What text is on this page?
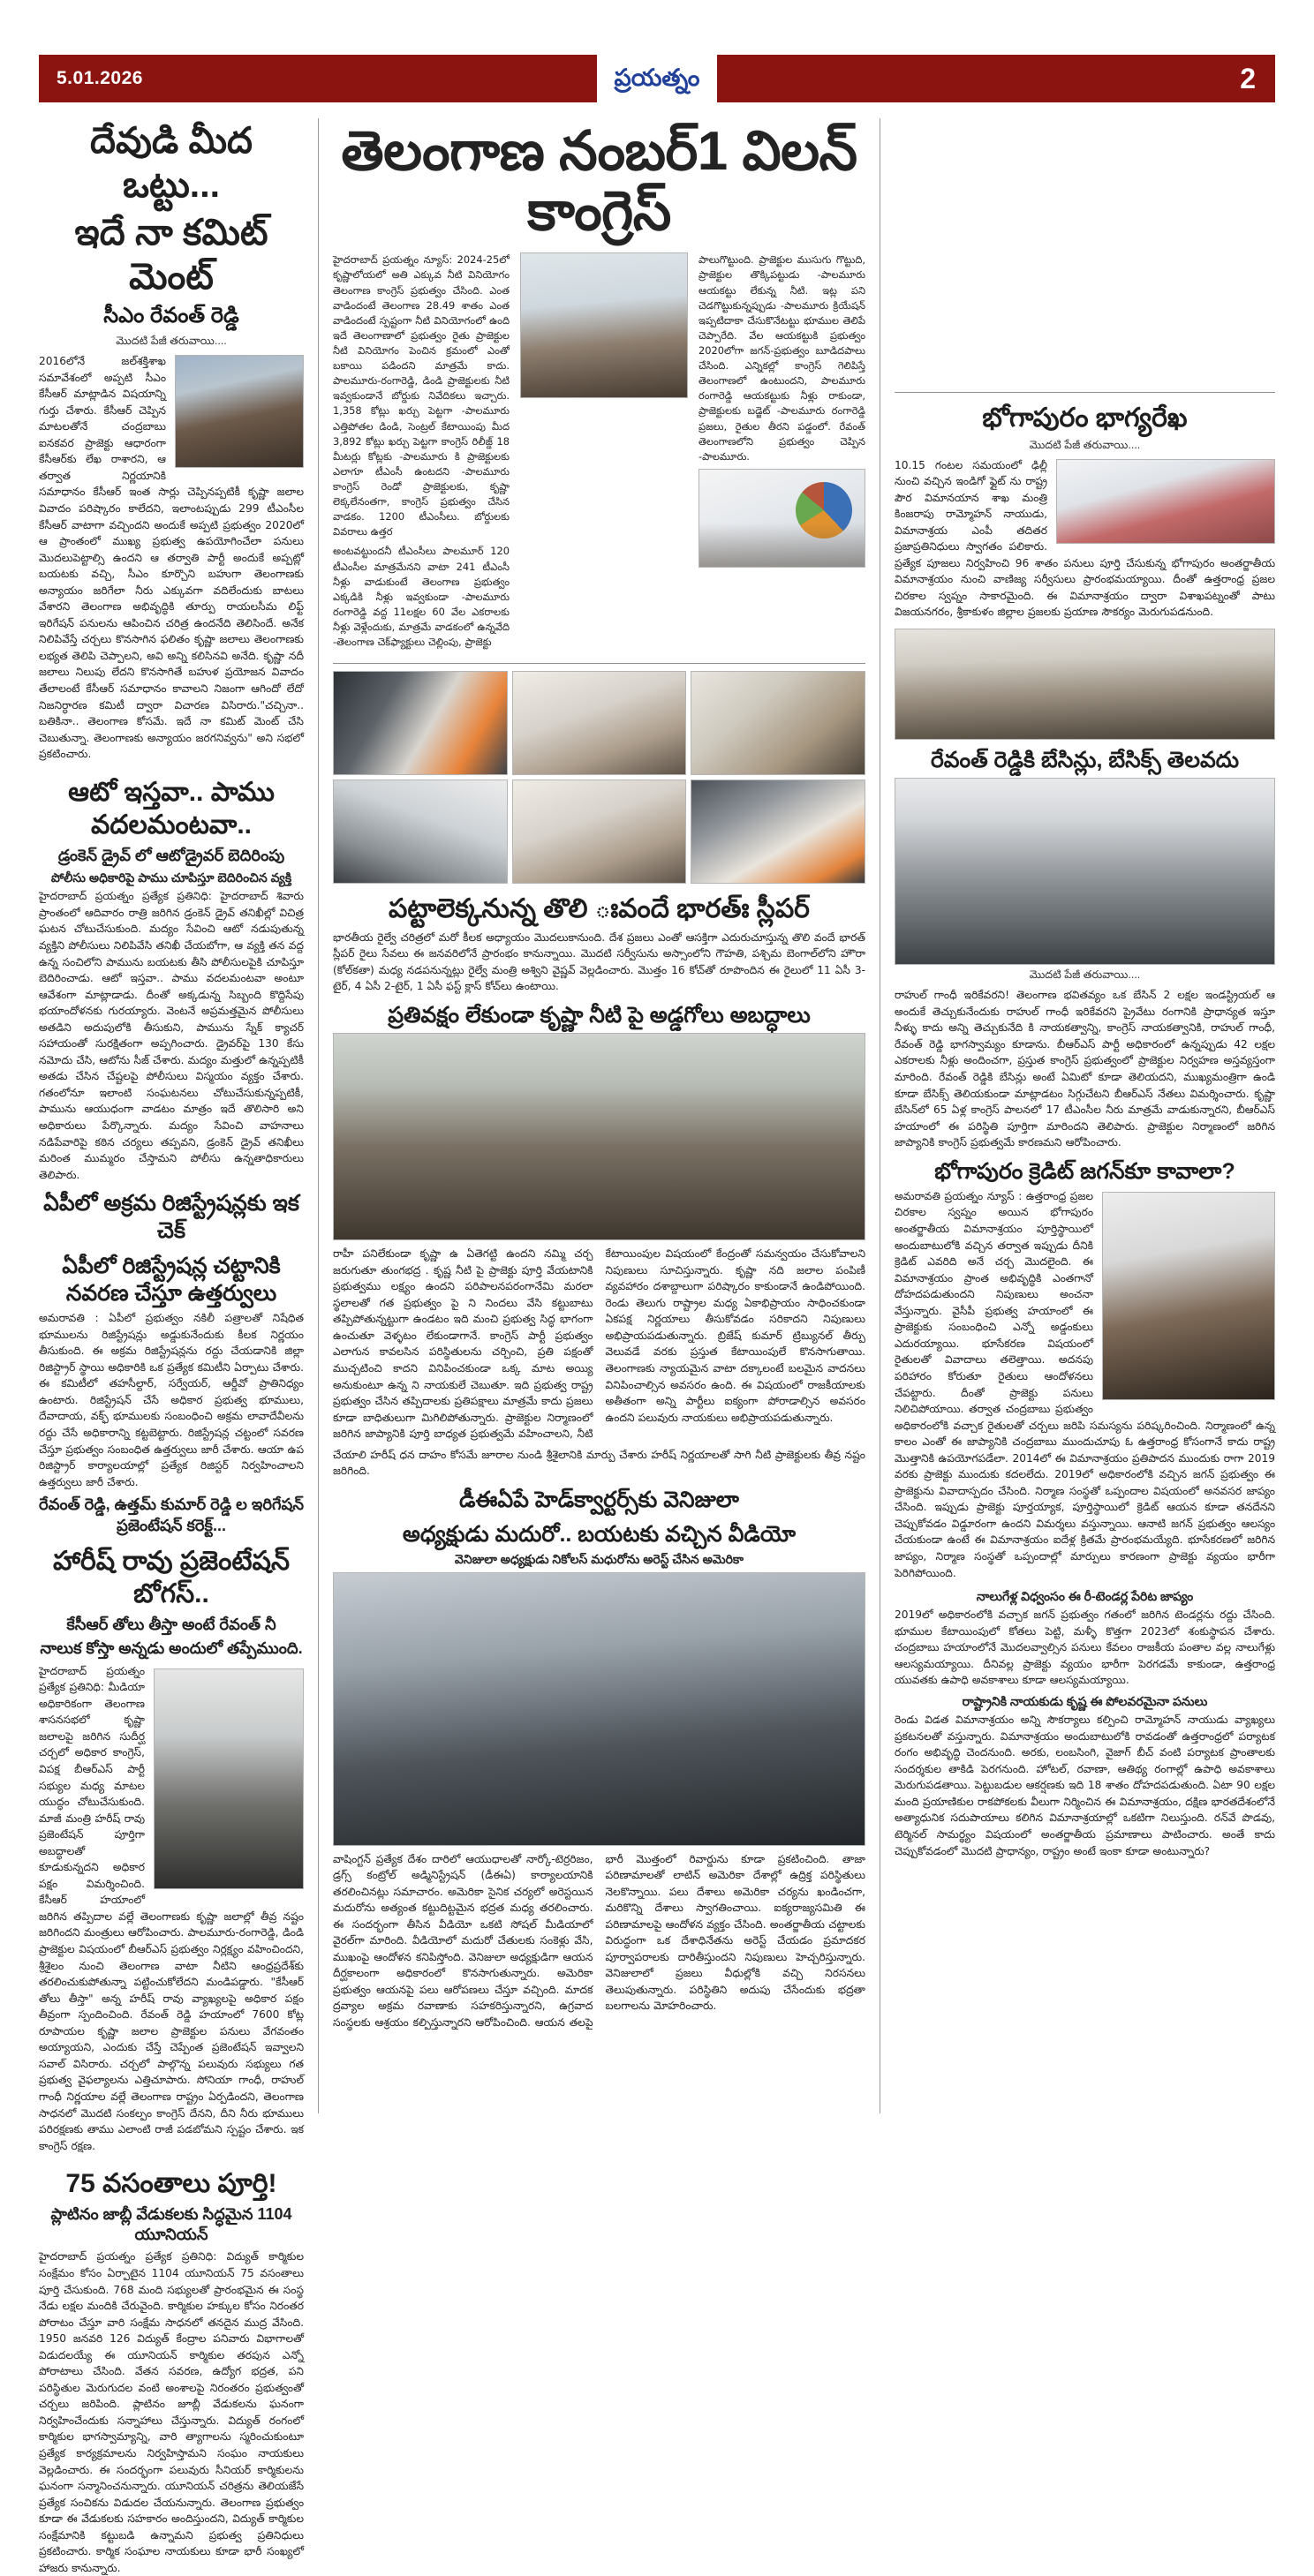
5.01.2026	ప్రయత్నం	2
దేవుడి మీద ఒట్టు...
ఇదే నా కమిట్ మెంట్
సీఎం రేవంత్ రెడ్డి
మొదటి పేజీ తరువాయి....
2016లోనే జల్‌శక్తిశాఖ సమావేశంలో అప్పటి సీఎం కేసీఆర్ మాట్లాడిన విషయాన్ని గుర్తు చేశారు. కేసీఆర్ చెప్పిన మాటలతోనే చంద్రబాబు ఐనకవర ప్రాజెక్టు ఆధారంగా కేసీఆర్‌కు లేఖ రాశారని, ఆ తర్వాత నిర్ణయానికి సమాధానం కేసీఆర్ ఇంత సార్లు చెప్పినప్పటికీ కృష్ణా జలాల వివాదం పరిష్కారం కాలేదని, ఇలాంటప్పుడు 299 టీఎంసీల కేసీఆర్ వాటాగా వచ్చిందని అందుకే అప్పటి ప్రభుత్వం 2020లో ఆ ప్రాంతంలో ముఖ్య ప్రభుత్వ ఉపయోగించేలా పనులు మొదలుపెట్టాల్సి ఉందని ఆ తర్వాతి పార్టీ అందుకే అప్పట్లో బయటకు వచ్చి, సీఎం కూర్చొని బహుగా తెలంగాణకు అన్యాయం జరిగేలా నీరు ఎక్కువగా వదిలేందుకు బాటలు వేశారని తెలంగాణ అభివృద్ధికి తూర్పు రాయలసీమ లిఫ్ట్ ఇరిగేషన్ పనులను ఆపించిన చరిత్ర ఉందనేది తెలిసిందే. అనేక నిలిపివేస్తే చర్చలు కొనసాగిన ఫలితం కృష్ణా జలాలు తెలంగాణకు లభ్యత తెలిపి చెప్పాలని, అవి అన్ని కలిసినవి అనేది. కృష్ణా నదీ జలాలు నిలుపు లేదని కొనసాగితే బహుళ ప్రయోజన వివాదం తేలాలంటే కేసీఆర్ సమాధానం కావాలని నిజంగా ఆగిందో లేదో నిజనిర్ధారణ కమిటీ ద్వారా విచారణ విసిరారు."చచ్చినా.. బతికినా.. తెలంగాణ కోసమే. ఇదే నా కమిట్ మెంట్ చేసి చెబుతున్నా. తెలంగాణకు అన్యాయం జరగనివ్వను" అని సభలో ప్రకటించారు.
ఆటో ఇస్తవా.. పాము వదలమంటవా..
డ్రంకెన్ డ్రైవ్ లో ఆటోడ్రైవర్ బెదిరింపు
పోలీసు అధికారిపై పాము చూపిస్తూ బెదిరించిన వ్యక్తి
హైదరాబాద్ ప్రయత్నం ప్రత్యేక ప్రతినిధి: హైదరాబాద్ శివారు ప్రాంతంలో ఆదివారం రాత్రి జరిగిన డ్రంకెన్ డ్రైవ్ తనిఖీల్లో విచిత్ర ఘటన చోటుచేసుకుంది. మద్యం సేవించి ఆటో నడుపుతున్న వ్యక్తిని పోలీసులు నిలిపివేసి తనిఖీ చేయబోగా, ఆ వ్యక్తి తన వద్ద ఉన్న సంచిలోని పామును బయటకు తీసి పోలీసులపైకి చూపిస్తూ బెదిరించాడు. ఆటో ఇస్తవా.. పాము వదలమంటవా అంటూ ఆవేశంగా మాట్లాడాడు. దీంతో అక్కడున్న సిబ్బంది కొద్దిసేపు భయాందోళనకు గురయ్యారు. వెంటనే అప్రమత్తమైన పోలీసులు అతడిని అదుపులోకి తీసుకుని, పామును స్నేక్ క్యాచర్ సహాయంతో సురక్షితంగా అప్పగించారు. డ్రైవర్‌పై 130 కేసు నమోదు చేసి, ఆటోను సీజ్ చేశారు. మద్యం మత్తులో ఉన్నప్పటికీ అతడు చేసిన చేష్టలపై పోలీసులు విస్మయం వ్యక్తం చేశారు. గతంలోనూ ఇలాంటి సంఘటనలు చోటుచేసుకున్నప్పటికీ, పామును ఆయుధంగా వాడటం మాత్రం ఇదే తొలిసారి అని అధికారులు పేర్కొన్నారు. మద్యం సేవించి వాహనాలు నడిపేవారిపై కఠిన చర్యలు తప్పవని, డ్రంకెన్ డ్రైవ్ తనిఖీలు మరింత ముమ్మరం చేస్తామని పోలీసు ఉన్నతాధికారులు తెలిపారు.
ఏపీలో అక్రమ రిజిస్ట్రేషన్లకు ఇక చెక్
ఏపీలో రిజిస్ట్రేషన్ల చట్టానికి నవరణ చేస్తూ ఉత్తర్వులు
అమరావతి : ఏపీలో ప్రభుత్వం నకిలీ పత్రాలతో నిషేధిత భూములను రిజిస్ట్రేషన్లు అడ్డుకునేందుకు కీలక నిర్ణయం తీసుకుంది. ఈ అక్రమ రిజిస్ట్రేషన్లను రద్దు చేయడానికి జిల్లా రిజిస్ట్రార్ స్థాయి అధికారికి ఒక ప్రత్యేక కమిటీని ఏర్పాటు చేశారు. ఈ కమిటీలో తహసీల్దార్, సర్వేయర్, ఆర్డీవో ప్రాతినిధ్యం ఉంటారు. రిజిస్ట్రేషన్ చేసే అధికార ప్రభుత్వ భూములు, దేవాదాయ, వక్ఫ్ భూములకు సంబంధించి అక్రమ లావాదేవీలను రద్దు చేసే అధికారాన్ని కట్టబెట్టారు. రిజిస్ట్రేషన్ల చట్టంలో సవరణ చేస్తూ ప్రభుత్వం సంబంధిత ఉత్తర్వులు జారీ చేశారు. ఆయా ఉప రిజిస్ట్రార్ కార్యాలయాల్లో ప్రత్యేక రిజిస్టర్ నిర్వహించాలని ఉత్తర్వులు జారీ చేశారు.
రేవంత్ రెడ్డి, ఉత్తమ్ కుమార్ రెడ్డి ల ఇరిగేషన్ ప్రజెంటేషన్ కరెక్ట్...
హారీష్ రావు ప్రజెంటేషన్ బోగస్..
కేసీఆర్ తోలు తీస్తా అంటే రేవంత్ నీ
నాలుక కోస్తా అన్నడు అందులో తప్పేముంది.
హైదరాబాద్ ప్రయత్నం ప్రత్యేక ప్రతినిధి: మీడియా అధికారికంగా తెలంగాణ శాసనసభలో కృష్ణా జలాలపై జరిగిన సుదీర్ఘ చర్చలో అధికార కాంగ్రెస్, విపక్ష బీఆర్ఎస్ పార్టీ సభ్యుల మధ్య మాటల యుద్ధం చోటుచేసుకుంది. మాజీ మంత్రి హరీష్ రావు ప్రజెంటేషన్ పూర్తిగా అబద్ధాలతో కూడుకున్నదని అధికార పక్షం విమర్శించింది. కేసీఆర్ హయాంలో జరిగిన తప్పిదాల వల్లే తెలంగాణకు కృష్ణా జలాల్లో తీవ్ర నష్టం జరిగిందని మంత్రులు ఆరోపించారు. పాలమూరు-రంగారెడ్డి, డిండి ప్రాజెక్టుల విషయంలో బీఆర్ఎస్ ప్రభుత్వం నిర్లక్ష్యం వహించిందని, శ్రీశైలం నుంచి తెలంగాణ వాటా నీటిని ఆంధ్రప్రదేశ్‌కు తరలించుకుపోతున్నా పట్టించుకోలేదని మండిపడ్డారు. "కేసీఆర్ తోలు తీస్తా" అన్న హరీష్ రావు వ్యాఖ్యలపై అధికార పక్షం తీవ్రంగా స్పందించింది. రేవంత్ రెడ్డి హయాంలో 7600 కోట్ల రూపాయల కృష్ణా జలాల ప్రాజెక్టుల పనులు వేగవంతం అయ్యాయని, ఎందుకు చేస్తే చెప్పేంత ప్రజెంటేషన్ ఇవ్వాలని సవాల్ విసిరారు. చర్చలో పాల్గొన్న పలువురు సభ్యులు గత ప్రభుత్వ వైఫల్యాలను ఎత్తిచూపారు. సోనియా గాంధీ, రాహుల్ గాంధీ నిర్ణయాల వల్లే తెలంగాణ రాష్ట్రం ఏర్పడిందని, తెలంగాణ సాధనలో మొదటి సంకల్పం కాంగ్రెస్ దేనని, దీని నీరు భూములు పరిరక్షణకు తాము ఎలాంటి రాజీ పడబోమని స్పష్టం చేశారు. ఇక కాంగ్రెస్ రక్షణ.
75 వసంతాలు పూర్తి!
ప్లాటినం జాబ్లీ వేడుకలకు సిద్ధమైన 1104 యూనియన్
హైదరాబాద్ ప్రయత్నం ప్రత్యేక ప్రతినిధి: విద్యుత్ కార్మికుల సంక్షేమం కోసం ఏర్పాటైన 1104 యూనియన్ 75 వసంతాలు పూర్తి చేసుకుంది. 768 మంది సభ్యులతో ప్రారంభమైన ఈ సంస్థ నేడు లక్షల మందికి చేరువైంది. కార్మికుల హక్కుల కోసం నిరంతర పోరాటం చేస్తూ వారి సంక్షేమ సాధనలో తనదైన ముద్ర వేసింది. 1950 జనవరి 126 విద్యుత్ కేంద్రాల పనివారు విభాగాలతో విడుదలయ్యే ఈ యూనియన్ కార్మికుల తరపున ఎన్నో పోరాటాలు చేసింది. వేతన సవరణ, ఉద్యోగ భద్రత, పని పరిస్థితుల మెరుగుదల వంటి అంశాలపై నిరంతరం ప్రభుత్వంతో చర్చలు జరిపింది. ప్లాటినం జూబ్లీ వేడుకలను ఘనంగా నిర్వహించేందుకు సన్నాహాలు చేస్తున్నారు. విద్యుత్ రంగంలో కార్మికుల భాగస్వామ్యాన్ని, వారి త్యాగాలను స్మరించుకుంటూ ప్రత్యేక కార్యక్రమాలను నిర్వహిస్తామని సంఘం నాయకులు వెల్లడించారు. ఈ సందర్భంగా పలువురు సీనియర్ కార్మికులను ఘనంగా సన్మానించనున్నారు. యూనియన్ చరిత్రను తెలియజేసే ప్రత్యేక సంచికను విడుదల చేయనున్నారు. తెలంగాణ ప్రభుత్వం కూడా ఈ వేడుకలకు సహకారం అందిస్తుందని, విద్యుత్ కార్మికుల సంక్షేమానికి కట్టుబడి ఉన్నామని ప్రభుత్వ ప్రతినిధులు ప్రకటించారు. కార్మిక సంఘాల నాయకులు కూడా భారీ సంఖ్యలో హాజరు కానున్నారు.
తెలంగాణ నంబర్1 విలన్ కాంగ్రెస్
హైదరాబాద్ ప్రయత్నం న్యూస్: 2024-25లో కృష్ణాలోయలో అతి ఎక్కువ నీటి వినియోగం తెలంగాణ కాంగ్రెస్ ప్రభుత్వం చేసింది. ఎంత వాడిందంటే తెలంగాణ 28.49 శాతం ఎంత వాడిందంటే స్పష్టంగా నీటి వినియోగంలో ఉంది ఇదే తెలంగాణాలో ప్రభుత్వం రైతు ప్రాజెక్టుల నీటి వినియోగం పెంచిన క్రమంలో ఎంతో బకాయి పడిందని మాత్రమే కాదు. పాలమూరు-రంగారెడ్డి, డిండి ప్రాజెక్టులకు నీటి ఇవ్వకుండానే బోర్డుకు నివేదికలు ఇచ్చారు. 1,358 కోట్లు ఖర్చు పెట్టగా -పాలమూరు ఎత్తిపోతల డిండి, సెంట్రల్ కేటాయింపు మీద 3,892 కోట్లు ఖర్చు పెట్టగా కాంగ్రెస్ రిలీజ్డ్ 18 మీటర్లు కోట్లకు -పాలమూరు కి ప్రాజెక్టులకు ఎలాగూ టీఎంసీ ఉంటదని -పాలమూరు కాంగ్రెస్ రెండో ప్రాజెక్టులకు, కృష్ణా లెక్కలేనంతగా, కాంగ్రెస్ ప్రభుత్వం చేసిన వాడకం. 1200 టీఎంసీలు. బోర్డులకు వివరాలు ఉత్తర
అంటవట్టుందనీ టీఎంసీలు పాలమూర్ 120 టీఎంసీల మాత్రమేనని వాటా 241 టీఎంసీ నీళ్లు వాడుకుంటే తెలంగాణ ప్రభుత్వం ఎక్కడికి నీళ్లు ఇవ్వకుండా -పాలమూరు రంగారెడ్డి వద్ద 11లక్షల 60 వేల ఎకరాలకు నీళ్లు వెళ్లేందుకు, మాత్రమే వాడకంలో ఉన్నవేది -తెలంగాణ చెక్‌ఫ్యాక్టులు చెల్లింపు, ప్రాజెక్టు
పాలుగొట్టుంది. ప్రాజెక్టుల ముసుగు గొట్టుది, ప్రాజెక్టుల తొక్కిపట్టుడు -పాలమూరు ఆయకట్టు లేకున్న నీటి. ఇట్ల పని చెడగొట్టుకున్నప్పుడు -పాలమూరు క్రియేషన్ ఇప్పటిదాకా చేసుకొనేటట్టు భూముల తెలిపే చెప్పారేది. వేల ఆయకట్టుకి ప్రభుత్వం 2020లోగా జగన్-ప్రభుత్వం బూడిదపాలు చేసింది. ఎన్నికల్లో కాంగ్రెస్ గెలిపిస్తే తెలంగాణలో ఉంటుందని, పాలమూరు రంగారెడ్డి ఆయకట్టుకు నీళ్లు రాకుండా, ప్రాజెక్టులకు బడ్జెట్ -పాలమూరు రంగారెడ్డి ప్రజలు, రైతుల తీరని పడ్డంలో. రేవంత్ తెలంగాణలోని ప్రభుత్వం చెప్పిన -పాలమూరు.
పట్టాలెక్కనున్న తొలి ఃవందే భారత్ః స్లీపర్
భారతీయ రైల్వే చరిత్రలో మరో కీలక అధ్యాయం మొదలుకానుంది. దేశ ప్రజలు ఎంతో ఆసక్తిగా ఎదురుచూస్తున్న తొలి వందే భారత్ స్లీపర్ రైలు సేవలు ఈ జనవరిలోనే ప్రారంభం కానున్నాయి. మొదటి సర్వీసును అస్సాంలోని గౌహతి, పశ్చిమ బెంగాల్‌లోని హౌరా (కోల్‌కతా) మధ్య నడపనున్నట్లు రైల్వే మంత్రి అశ్విని వైష్ణవ్ వెల్లడించారు. మొత్తం 16 కోచ్‌తో రూపొందిన ఈ రైలులో 11 ఏసీ 3-టైర్, 4 ఏసీ 2-టైర్, 1 ఏసీ ఫస్ట్ క్లాస్ కోచ్‌లు ఉంటాయి.
ప్రతివక్షం లేకుండా కృష్ణా నీటి పై అడ్డగోలు అబద్ధాలు
రాహీ పనిలేకుండా కృష్ణా ఉ ఏతెగట్టి ఉందని నమ్మి చర్చ జరుగుతూ తుంగభద్ర . కృష్ణ నీటి పై ప్రాజెక్టు పూర్తి వేయటానికి ప్రభుత్వము లక్ష్యం ఉందని పరిపాలనపరంగానేమి మరలా స్థలాలతో గత ప్రభుత్వం పై ని నిందలు వేసి కట్టుబాటు తప్పిపోతున్నట్టుగా ఉండటం ఇది మంచి ప్రభుత్వ సిద్ధ భాగంగా ఉంచుతూ వెళ్ళటం లేకుండాగానే. కాంగ్రెస్ పార్టీ ప్రభుత్వం ఎలాగున కావలసిన పరిస్థితులను చర్చించి, ప్రతి పక్షంతో ముచ్చటించి కాదని వినిపించకుండా ఒక్క మాట అయ్యి అనుకుంటూ ఉన్న ని నాయకులే చెబుతూ. ఇది ప్రభుత్వ రాష్ట్ర ప్రభుత్వం చేసిన తప్పిదాలకు ప్రతిపక్షాలు మాత్రమే కాదు ప్రజలు కూడా బాధితులుగా మిగిలిపోతున్నారు. ప్రాజెక్టుల నిర్మాణంలో జరిగిన జాప్యానికి పూర్తి బాధ్యత ప్రభుత్వమే వహించాలని, నీటి కేటాయింపుల విషయంలో కేంద్రంతో సమన్వయం చేసుకోవాలని నిపుణులు సూచిస్తున్నారు. కృష్ణా నది జలాల పంపిణీ వ్యవహారం దశాబ్దాలుగా పరిష్కారం కాకుండానే ఉండిపోయింది. రెండు తెలుగు రాష్ట్రాల మధ్య ఏకాభిప్రాయం సాధించకుండా ఏకపక్ష నిర్ణయాలు తీసుకోవడం సరికాదని నిపుణులు అభిప్రాయపడుతున్నారు. బ్రిజేష్ కుమార్ ట్రిబ్యునల్ తీర్పు వెలువడే వరకు ప్రస్తుత కేటాయింపులే కొనసాగుతాయి. తెలంగాణకు న్యాయమైన వాటా దక్కాలంటే బలమైన వాదనలు వినిపించాల్సిన అవసరం ఉంది. ఈ విషయంలో రాజకీయాలకు అతీతంగా అన్ని పార్టీలు ఐక్యంగా పోరాడాల్సిన అవసరం ఉందని పలువురు నాయకులు అభిప్రాయపడుతున్నారు.
చేయాలి హరీష్ ధన దాహం కోసమే జూరాల నుండి శ్రీశైలానికి మార్పు చేశారు హరీష్ నిర్ణయాలతో సాగి నీటి ప్రాజెక్టులకు తీవ్ర నష్టం జరిగింది.
డీఈఏపే హెడ్‌క్వార్టర్స్‌కు వెనిజులా
అధ్యక్షుడు మదురో.. బయటకు వచ్చిన వీడియో
వెనిజులా అధ్యక్షుడు నికోలస్ మధురోను అరెస్ట్ చేసిన అమెరికా
వాషింగ్టన్ ప్రత్యేక దేశం దారిలో ఆయుధాలతో నార్కో-టెర్రరిజం, డ్రగ్స్ కంట్రోల్ అడ్మినిస్ట్రేషన్ (డీఈఏ) కార్యాలయానికి తరలించినట్లు సమాచారం. అమెరికా సైనిక చర్యలో అరెస్టయిన మదురోను అత్యంత కట్టుదిట్టమైన భద్రత మధ్య తరలించారు. ఈ సందర్భంగా తీసిన వీడియో ఒకటి సోషల్ మీడియాలో వైరల్‌గా మారింది. వీడియోలో మదురో చేతులకు సంకెళ్లు వేసి, ముఖంపై ఆందోళన కనిపిస్తోంది. వెనిజులా అధ్యక్షుడిగా ఆయన దీర్ఘకాలంగా అధికారంలో కొనసాగుతున్నారు. అమెరికా ప్రభుత్వం ఆయనపై పలు ఆరోపణలు చేస్తూ వచ్చింది. మాదక ద్రవ్యాల అక్రమ రవాణాకు సహకరిస్తున్నారని, ఉగ్రవాద సంస్థలకు ఆశ్రయం కల్పిస్తున్నారని ఆరోపించింది. ఆయన తలపై భారీ మొత్తంలో రివార్డును కూడా ప్రకటించింది. తాజా పరిణామాలతో లాటిన్ అమెరికా దేశాల్లో ఉద్రిక్త పరిస్థితులు నెలకొన్నాయి. పలు దేశాలు అమెరికా చర్యను ఖండించగా, మరికొన్ని దేశాలు స్వాగతించాయి. ఐక్యరాజ్యసమితి ఈ పరిణామాలపై ఆందోళన వ్యక్తం చేసింది. అంతర్జాతీయ చట్టాలకు విరుద్ధంగా ఒక దేశాధినేతను అరెస్ట్ చేయడం ప్రమాదకర పూర్వాపరాలకు దారితీస్తుందని నిపుణులు హెచ్చరిస్తున్నారు. వెనిజులాలో ప్రజలు వీధుల్లోకి వచ్చి నిరసనలు తెలుపుతున్నారు. పరిస్థితిని అదుపు చేసేందుకు భద్రతా బలగాలను మోహరించారు.
భోగాపురం భాగ్యరేఖ
మొదటి పేజీ తరువాయి....
10.15 గంటల సమయంలో ఢిల్లీ నుంచి వచ్చిన ఇండిగో ఫ్లైట్ ను రాష్ట్ర పౌర విమానయాన శాఖ మంత్రి కింజరాపు రామ్మోహన్ నాయుడు, విమానాశ్రయ ఎంపీ తదితర ప్రజాప్రతినిధులు స్వాగతం పలికారు. ప్రత్యేక పూజలు నిర్వహించి 96 శాతం పనులు పూర్తి చేసుకున్న భోగాపురం అంతర్జాతీయ విమానాశ్రయం నుంచి వాణిజ్య సర్వీసులు ప్రారంభమయ్యాయి. దీంతో ఉత్తరాంధ్ర ప్రజల చిరకాల స్వప్నం సాకారమైంది. ఈ విమానాశ్రయం ద్వారా విశాఖపట్నంతో పాటు విజయనగరం, శ్రీకాకుళం జిల్లాల ప్రజలకు ప్రయాణ సౌకర్యం మెరుగుపడనుంది.
రేవంత్ రెడ్డికి బేసిన్లు, బేసిక్స్ తెలవదు
మొదటి పేజీ తరువాయి....
రాహుల్ గాంధీ ఇరికేవరని! తెలంగాణ భవితవ్యం ఒక బేసిన్ 2 లక్షల ఇండస్ట్రియల్ ఆ అందుకే తెచ్చుకునేందుకు రాహుల్ గాంధీ ఇరికేవరని ప్రైవేటు రంగానికి ప్రాధాన్యత ఇస్తూ నీళ్ళు కాదు అన్ని తెచ్చుకునేది కి నాయకత్వాన్ని, కాంగ్రెస్ నాయకత్వానికి, రాహుల్ గాంధీ, రేవంత్ రెడ్డి భాగస్వామ్యం కూడాను. బీఆర్ఎస్ పార్టీ అధికారంలో ఉన్నప్పుడు 42 లక్షల ఎకరాలకు నీళ్లు అందించగా, ప్రస్తుత కాంగ్రెస్ ప్రభుత్వంలో ప్రాజెక్టుల నిర్వహణ అస్తవ్యస్తంగా మారింది. రేవంత్ రెడ్డికి బేసిన్లు అంటే ఏమిటో కూడా తెలియదని, ముఖ్యమంత్రిగా ఉండి కూడా బేసిక్స్ తెలియకుండా మాట్లాడటం సిగ్గుచేటని బీఆర్ఎస్ నేతలు విమర్శించారు. కృష్ణా బేసిన్‌లో 65 ఏళ్ల కాంగ్రెస్ పాలనలో 17 టీఎంసీల నీరు మాత్రమే వాడుకున్నారని, బీఆర్ఎస్ హయాంలో ఈ పరిస్థితి పూర్తిగా మారిందని తెలిపారు. ప్రాజెక్టుల నిర్మాణంలో జరిగిన జాప్యానికి కాంగ్రెస్ ప్రభుత్వమే కారణమని ఆరోపించారు.
భోగాపురం క్రెడిట్ జగన్‌కూ కావాలా?
అమరావతి ప్రయత్నం న్యూస్ : ఉత్తరాంధ్ర ప్రజల చిరకాల స్వప్నం అయిన భోగాపురం అంతర్జాతీయ విమానాశ్రయం పూర్తిస్థాయిలో అందుబాటులోకి వచ్చిన తర్వాత ఇప్పుడు దీనికి క్రెడిట్ ఎవరిది అనే చర్చ మొదలైంది. ఈ విమానాశ్రయం ప్రాంత అభివృద్ధికి ఎంతగానో దోహదపడుతుందని నిపుణులు అంచనా వేస్తున్నారు. వైసీపీ ప్రభుత్వ హయాంలో ఈ ప్రాజెక్టుకు సంబంధించి ఎన్నో అడ్డంకులు ఎదురయ్యాయి. భూసేకరణ విషయంలో రైతులతో వివాదాలు తలెత్తాయి. అదనపు పరిహారం కోరుతూ రైతులు ఆందోళనలు చేపట్టారు. దీంతో ప్రాజెక్టు పనులు నిలిచిపోయాయి. తర్వాత చంద్రబాబు ప్రభుత్వం అధికారంలోకి వచ్చాక రైతులతో చర్చలు జరిపి సమస్యను పరిష్కరించింది. నిర్మాణంలో ఉన్న కాలం ఎంతో ఈ జాప్యానికి చంద్రబాబు ముందుచూపు ఓ ఉత్తరాంధ్ర కోసంగానే కాదు రాష్ట్ర మొత్తానికి ఉపయోగపడేలా. 2014లో ఈ విమానాశ్రయం ప్రతిపాదన ముందుకు రాగా 2019 వరకు ప్రాజెక్టు ముందుకు కదలలేదు. 2019లో అధికారంలోకి వచ్చిన జగన్ ప్రభుత్వం ఈ ప్రాజెక్టును వివాదాస్పదం చేసింది. నిర్మాణ సంస్థతో ఒప్పందాల విషయంలో అనవసర జాప్యం చేసింది. ఇప్పుడు ప్రాజెక్టు పూర్తయ్యాక, పూర్తిస్థాయిలో క్రెడిట్ ఆయన కూడా తనదేనని చెప్పుకోవడం విడ్డూరంగా ఉందని విమర్శలు వస్తున్నాయి. ఆనాటి జగన్ ప్రభుత్వం ఆలస్యం చేయకుండా ఉంటే ఈ విమానాశ్రయం ఐదేళ్ల క్రితమే ప్రారంభమయ్యేది. భూసేకరణలో జరిగిన జాప్యం, నిర్మాణ సంస్థతో ఒప్పందాల్లో మార్పులు కారణంగా ప్రాజెక్టు వ్యయం భారీగా పెరిగిపోయింది.
నాలుగేళ్ల విధ్వంసం ఈ రీ-టెండర్ల పేరిట జాప్యం
2019లో అధికారంలోకి వచ్చాక జగన్ ప్రభుత్వం గతంలో జరిగిన టెండర్లను రద్దు చేసింది. భూముల కేటాయింపులో కోతలు పెట్టి, మళ్ళీ కొత్తగా 2023లో శంకుస్థాపన చేశారు. చంద్రబాబు హయాంలోనే మొదలవ్వాల్సిన పనులు కేవలం రాజకీయ పంతాల వల్ల నాలుగేళ్లు ఆలస్యమయ్యాయి. దీనివల్ల ప్రాజెక్టు వ్యయం భారీగా పెరగడమే కాకుండా, ఉత్తరాంధ్ర యువతకు ఉపాధి అవకాశాలు కూడా ఆలస్యమయ్యాయి.
రాష్ట్రానికి నాయకుడు కృష్ణ ఈ పోలవరమైనా పనులు
రెండు విడత విమానాశ్రయం అన్ని సౌకర్యాలు కల్పించి రామ్మోహన్ నాయుడు వ్యాఖ్యలు ప్రకటనలతో వస్తున్నారు. విమానాశ్రయం అందుబాటులోకి రావడంతో ఉత్తరాంధ్రలో పర్యాటక రంగం అభివృద్ధి చెందనుంది. అరకు, లంబసింగి, వైజాగ్ బీచ్ వంటి పర్యాటక ప్రాంతాలకు సందర్శకుల తాకిడి పెరగనుంది. హోటల్, రవాణా, ఆతిథ్య రంగాల్లో ఉపాధి అవకాశాలు మెరుగుపడతాయి. పెట్టుబడుల ఆకర్షణకు ఇది 18 శాతం దోహదపడుతుంది. ఏటా 90 లక్షల మంది ప్రయాణికుల రాకపోకలకు వీలుగా నిర్మించిన ఈ విమానాశ్రయం, దక్షిణ భారతదేశంలోనే అత్యాధునిక సదుపాయాలు కలిగిన విమానాశ్రయాల్లో ఒకటిగా నిలుస్తుంది. రన్‌వే పొడవు, టెర్మినల్ సామర్థ్యం విషయంలో అంతర్జాతీయ ప్రమాణాలు పాటించారు. అంతే కాదు చెప్పుకోవడంలో మొదటి ప్రాధాన్యం, రాష్ట్రం అంటే ఇంకా కూడా అంటున్నారు?
